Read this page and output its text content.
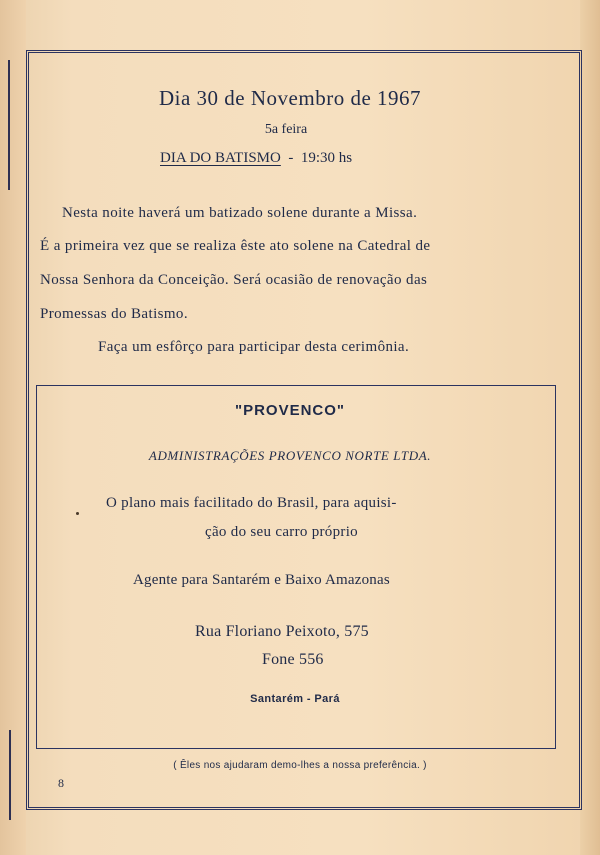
Dia 30 de Novembro de 1967
5a feira
DIA DO BATISMO - 19:30 hs
Nesta noite haverá um batizado solene durante a Missa.
É a primeira vez que se realiza êste ato solene na Catedral de
Nossa Senhora da Conceição. Será ocasião de renovação das
Promessas do Batismo.
Faça um esfôrço para participar desta cerimônia.
"PROVENCO"
ADMINISTRAÇÕES PROVENCO NORTE LTDA.
O plano mais facilitado do Brasil, para aquisi-
ção do seu carro próprio
Agente para Santarém e Baixo Amazonas
Rua Floriano Peixoto, 575
Fone 556
Santarém - Pará
( Êles nos ajudaram demo-lhes a nossa preferência. )
8
